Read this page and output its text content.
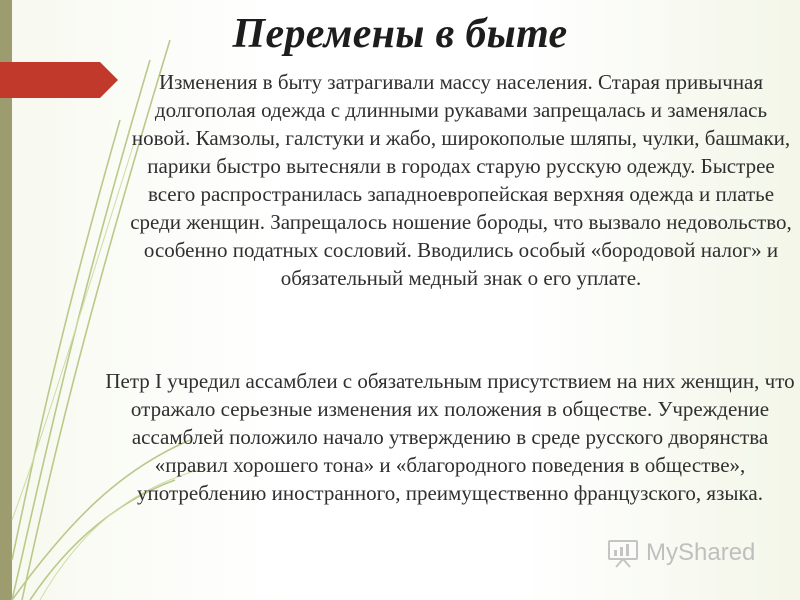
Перемены в быте

Изменения в быту затрагивали массу населения. Старая привычная долгополая одежда с длинными рукавами запрещалась и заменялась новой. Камзолы, галстуки и жабо, широкополые шляпы, чулки, башмаки, парики быстро вытесняли в городах старую русскую одежду. Быстрее всего распространилась западноевропейская верхняя одежда и платье среди женщин. Запрещалось ношение бороды, что вызвало недовольство, особенно податных сословий. Вводились особый «бородовой налог» и обязательный медный знак о его уплате.

Петр I учредил ассамблеи с обязательным присутствием на них женщин, что отражало серьезные изменения их положения в обществе. Учреждение ассамблей положило начало утверждению в среде русского дворянства «правил хорошего тона» и «благородного поведения в обществе», употреблению иностранного, преимущественно французского, языка.

MyShared
